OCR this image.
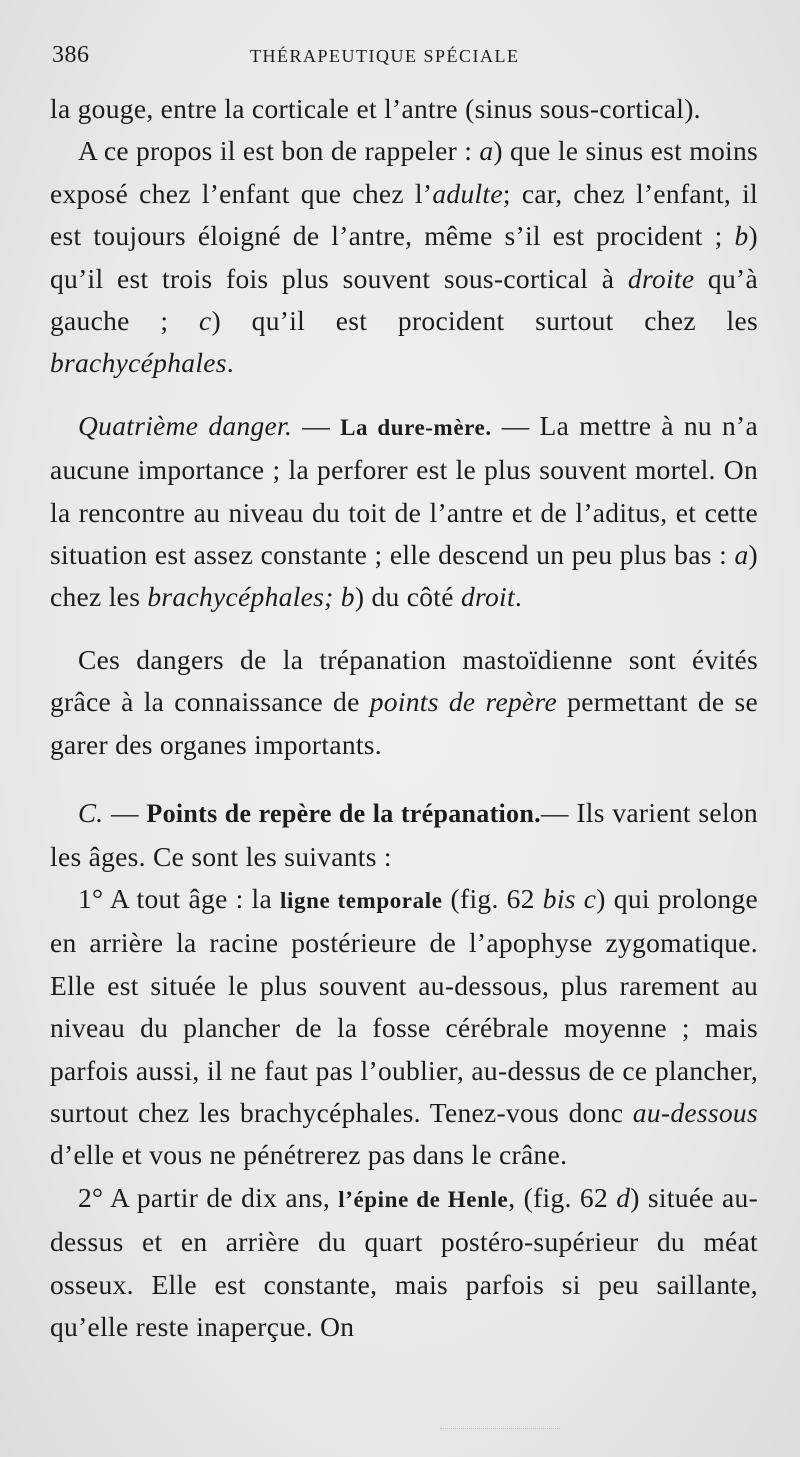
386	THÉRAPEUTIQUE SPÉCIALE

la gouge, entre la corticale et l’antre (sinus sous-cortical).

A ce propos il est bon de rappeler : a) que le sinus est moins exposé chez l’enfant que chez l’adulte; car, chez l’enfant, il est toujours éloigné de l’antre, même s’il est procident ; b) qu’il est trois fois plus souvent sous-cortical à droite qu’à gauche ; c) qu’il est procident surtout chez les brachycéphales.

Quatrième danger. — La dure-mère. — La mettre à nu n’a aucune importance ; la perforer est le plus souvent mortel. On la rencontre au niveau du toit de l’antre et de l’aditus, et cette situation est assez constante ; elle descend un peu plus bas : a) chez les brachycéphales; b) du côté droit.

Ces dangers de la trépanation mastoïdienne sont évités grâce à la connaissance de points de repère permettant de se garer des organes importants.

C. — Points de repère de la trépanation.— Ils varient selon les âges. Ce sont les suivants :

1° A tout âge : la ligne temporale (fig. 62 bis c) qui prolonge en arrière la racine postérieure de l’apophyse zygomatique. Elle est située le plus souvent au-dessous, plus rarement au niveau du plancher de la fosse cérébrale moyenne ; mais parfois aussi, il ne faut pas l’oublier, au-dessus de ce plancher, surtout chez les brachycéphales. Tenez-vous donc au-dessous d’elle et vous ne pénétrerez pas dans le crâne.

2° A partir de dix ans, l’épine de Henle, (fig. 62 d) située au-dessus et en arrière du quart postéro-supérieur du méat osseux. Elle est constante, mais parfois si peu saillante, qu’elle reste inaperçue. On
